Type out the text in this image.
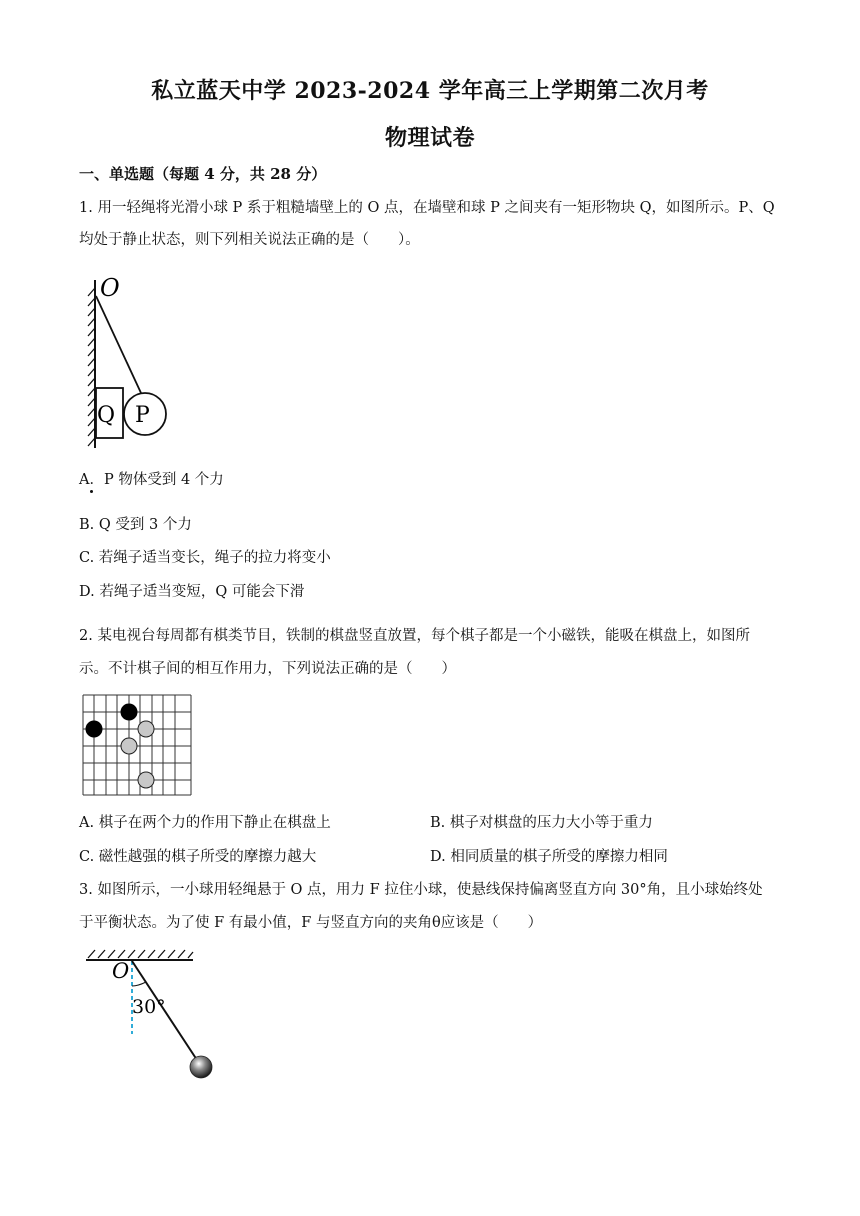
私立蓝天中学 2023-2024 学年高三上学期第二次月考
物理试卷
一、单选题（每题 4 分，共 28 分）
1. 用一轻绳将光滑小球 P 系于粗糙墙壁上的 O 点，在墙壁和球 P 之间夹有一矩形物块 Q，如图所示。P、Q
均处于静止状态，则下列相关说法正确的是（　　）。
O
Q P
A．P 物体受到 4 个力
B. Q 受到 3 个力
C. 若绳子适当变长，绳子的拉力将变小
D. 若绳子适当变短，Q 可能会下滑
2. 某电视台每周都有棋类节目，铁制的棋盘竖直放置，每个棋子都是一个小磁铁，能吸在棋盘上，如图所
示。不计棋子间的相互作用力，下列说法正确的是（　　）
A. 棋子在两个力的作用下静止在棋盘上	B. 棋子对棋盘的压力大小等于重力
C. 磁性越强的棋子所受的摩擦力越大	D. 相同质量的棋子所受的摩擦力相同
3. 如图所示，一小球用轻绳悬于 O 点，用力 F 拉住小球，使悬线保持偏离竖直方向 30°角，且小球始终处
于平衡状态。为了使 F 有最小值，F 与竖直方向的夹角θ应该是（　　）
O
30°
